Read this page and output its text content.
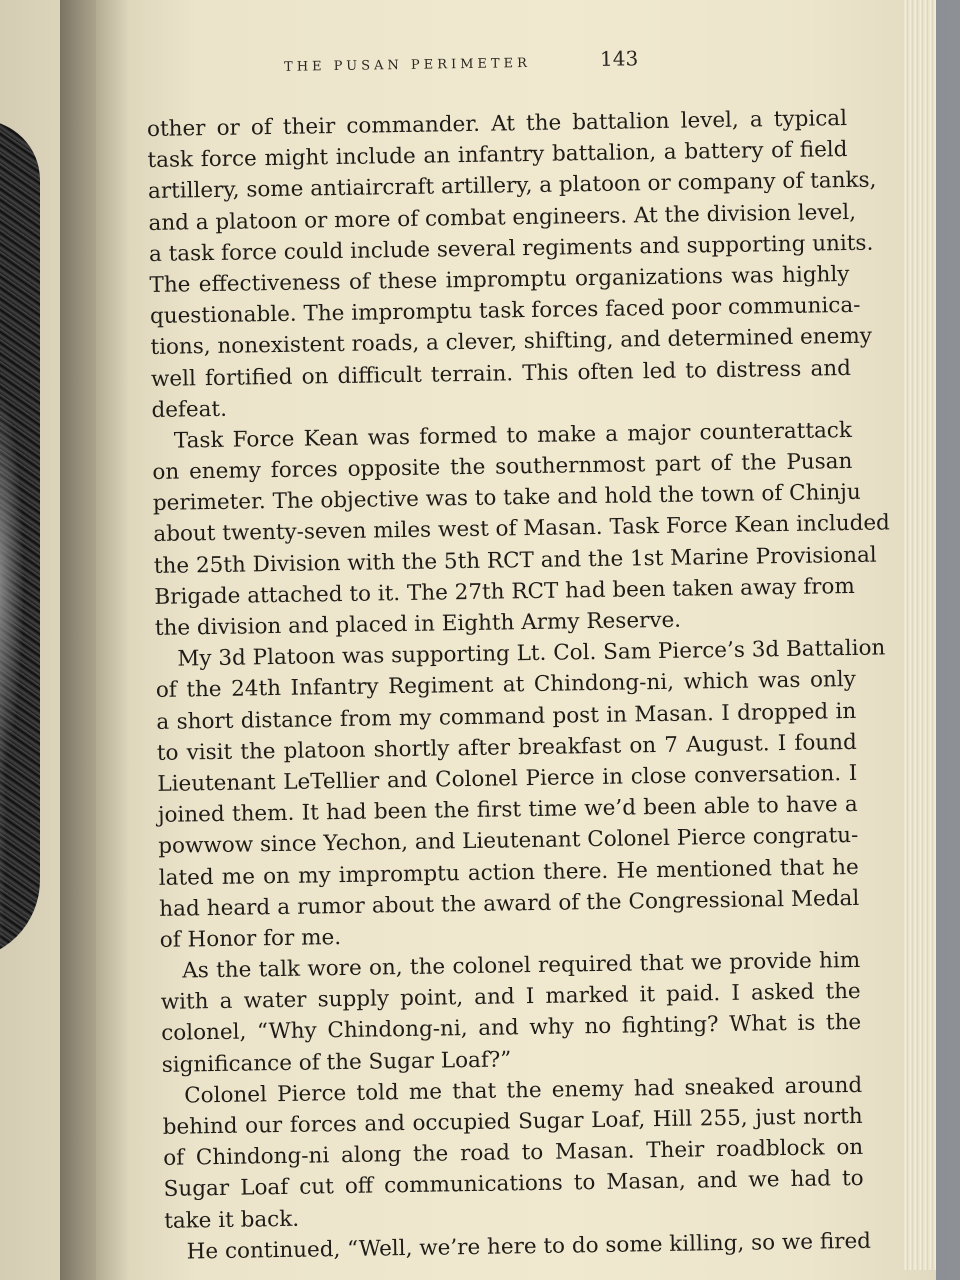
THE PUSAN PERIMETER	143
other or of their commander. At the battalion level, a typical
task force might include an infantry battalion, a battery of field
artillery, some antiaircraft artillery, a platoon or company of tanks,
and a platoon or more of combat engineers. At the division level,
a task force could include several regiments and supporting units.
The effectiveness of these impromptu organizations was highly
questionable. The impromptu task forces faced poor communica-
tions, nonexistent roads, a clever, shifting, and determined enemy
well fortified on difficult terrain. This often led to distress and
defeat.
Task Force Kean was formed to make a major counterattack
on enemy forces opposite the southernmost part of the Pusan
perimeter. The objective was to take and hold the town of Chinju
about twenty-seven miles west of Masan. Task Force Kean included
the 25th Division with the 5th RCT and the 1st Marine Provisional
Brigade attached to it. The 27th RCT had been taken away from
the division and placed in Eighth Army Reserve.
My 3d Platoon was supporting Lt. Col. Sam Pierce’s 3d Battalion
of the 24th Infantry Regiment at Chindong-ni, which was only
a short distance from my command post in Masan. I dropped in
to visit the platoon shortly after breakfast on 7 August. I found
Lieutenant LeTellier and Colonel Pierce in close conversation. I
joined them. It had been the first time we’d been able to have a
powwow since Yechon, and Lieutenant Colonel Pierce congratu-
lated me on my impromptu action there. He mentioned that he
had heard a rumor about the award of the Congressional Medal
of Honor for me.
As the talk wore on, the colonel required that we provide him
with a water supply point, and I marked it paid. I asked the
colonel, “Why Chindong-ni, and why no fighting? What is the
significance of the Sugar Loaf?”
Colonel Pierce told me that the enemy had sneaked around
behind our forces and occupied Sugar Loaf, Hill 255, just north
of Chindong-ni along the road to Masan. Their roadblock on
Sugar Loaf cut off communications to Masan, and we had to
take it back.
He continued, “Well, we’re here to do some killing, so we fired
